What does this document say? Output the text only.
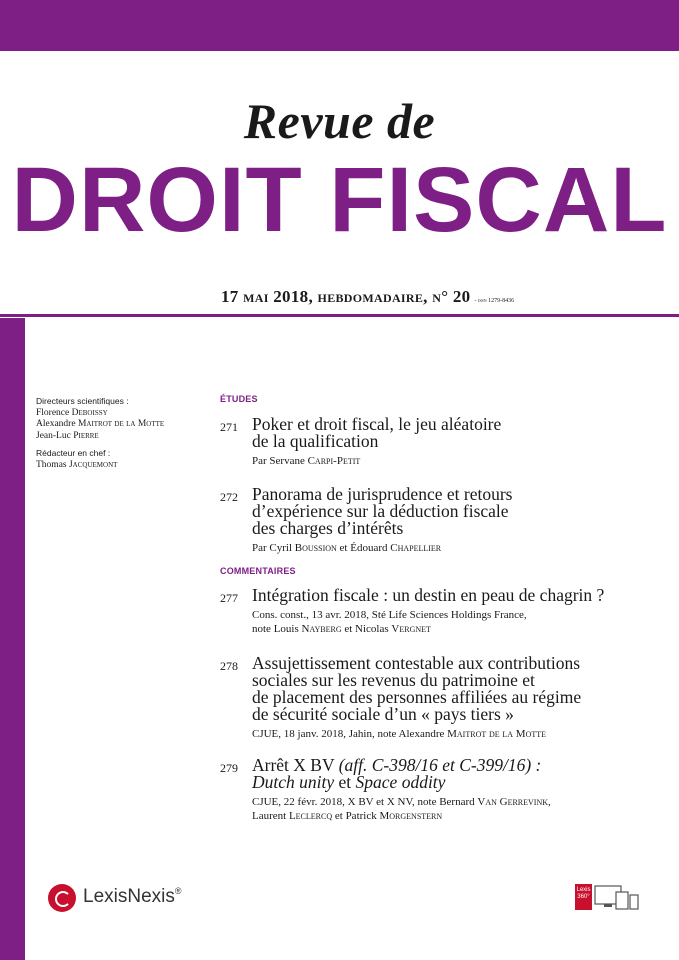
Revue de
DROIT FISCAL
17 mai 2018, hebdomadaire, n° 20 - issn 1279-8436
Directeurs scientifiques :
Florence Deboissy
Alexandre Maitrot de la Motte
Jean-Luc Pierre
Rédacteur en chef :
Thomas Jacquemont
ÉTUDES
271 Poker et droit fiscal, le jeu aléatoire
de la qualification
Par Servane Carpi-Petit
272 Panorama de jurisprudence et retours
d’expérience sur la déduction fiscale
des charges d’intérêts
Par Cyril Boussion et Édouard Chapellier
COMMENTAIRES
277 Intégration fiscale : un destin en peau de chagrin ?
Cons. const., 13 avr. 2018, Sté Life Sciences Holdings France,
note Louis Nayberg et Nicolas Vergnet
278 Assujettissement contestable aux contributions
sociales sur les revenus du patrimoine et
de placement des personnes affiliées au régime
de sécurité sociale d’un « pays tiers »
CJUE, 18 janv. 2018, Jahin, note Alexandre Maitrot de la Motte
279 Arrêt X BV (aff. C-398/16 et C-399/16) :
Dutch unity et Space oddity
CJUE, 22 févr. 2018, X BV et X NV, note Bernard Van Gerrevink,
Laurent Leclercq et Patrick Morgenstern
LexisNexis®	Lexis
360°
